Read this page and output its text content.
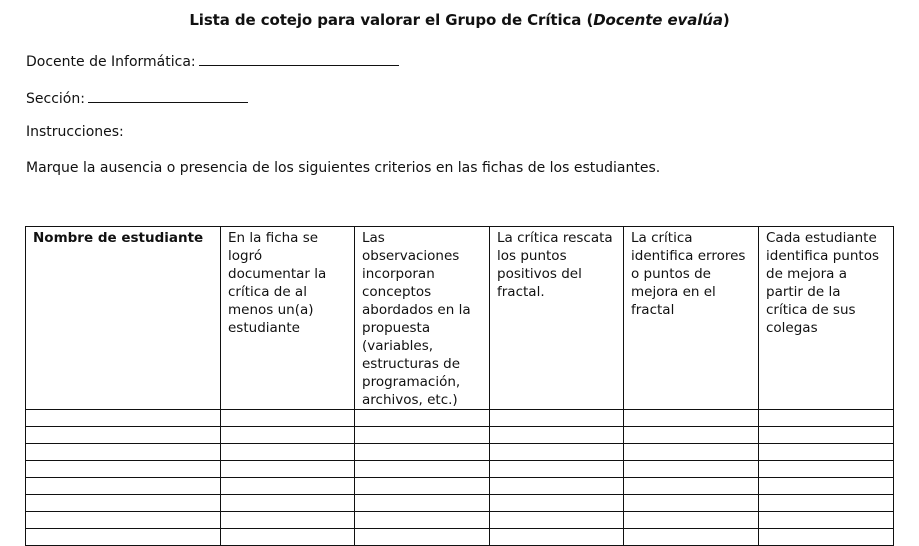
Lista de cotejo para valorar el Grupo de Crítica (Docente evalúa)
Docente de Informática:
Sección:
Instrucciones:
Marque la ausencia o presencia de los siguientes criterios en las fichas de los estudiantes.
Nombre de estudiante	En la ficha se logró documentar la crítica de al menos un(a) estudiante	Las observaciones incorporan conceptos abordados en la propuesta (variables, estructuras de programación, archivos, etc.)	La crítica rescata los puntos positivos del fractal.	La crítica identifica errores o puntos de mejora en el fractal	Cada estudiante identifica puntos de mejora a partir de la crítica de sus colegas
